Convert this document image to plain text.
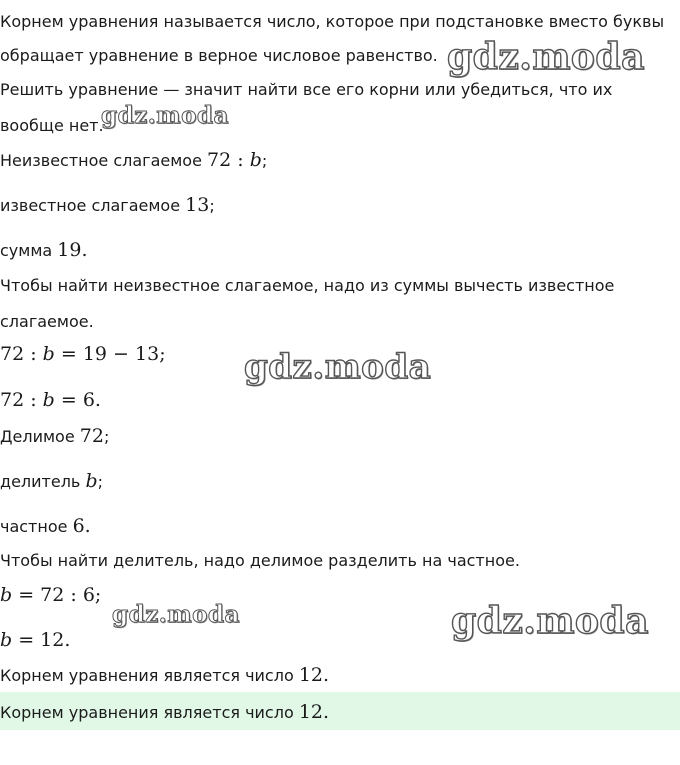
Корнем уравнения называется число, которое при подстановке вместо буквы
обращает уравнение в верное числовое равенство.
Решить уравнение — значит найти все его корни или убедиться, что их
вообще нет.
Неизвестное слагаемое 72 : b;
известное слагаемое 13;
сумма 19.
Чтобы найти неизвестное слагаемое, надо из суммы вычесть известное
слагаемое.
72 : b = 19 − 13;
72 : b = 6.
Делимое 72;
делитель b;
частное 6.
Чтобы найти делитель, надо делимое разделить на частное.
b = 72 : 6;
b = 12.
Корнем уравнения является число 12.
Корнем уравнения является число 12.
gdz.moda
gdz.moda
gdz.moda
gdz.moda	gdz.moda
